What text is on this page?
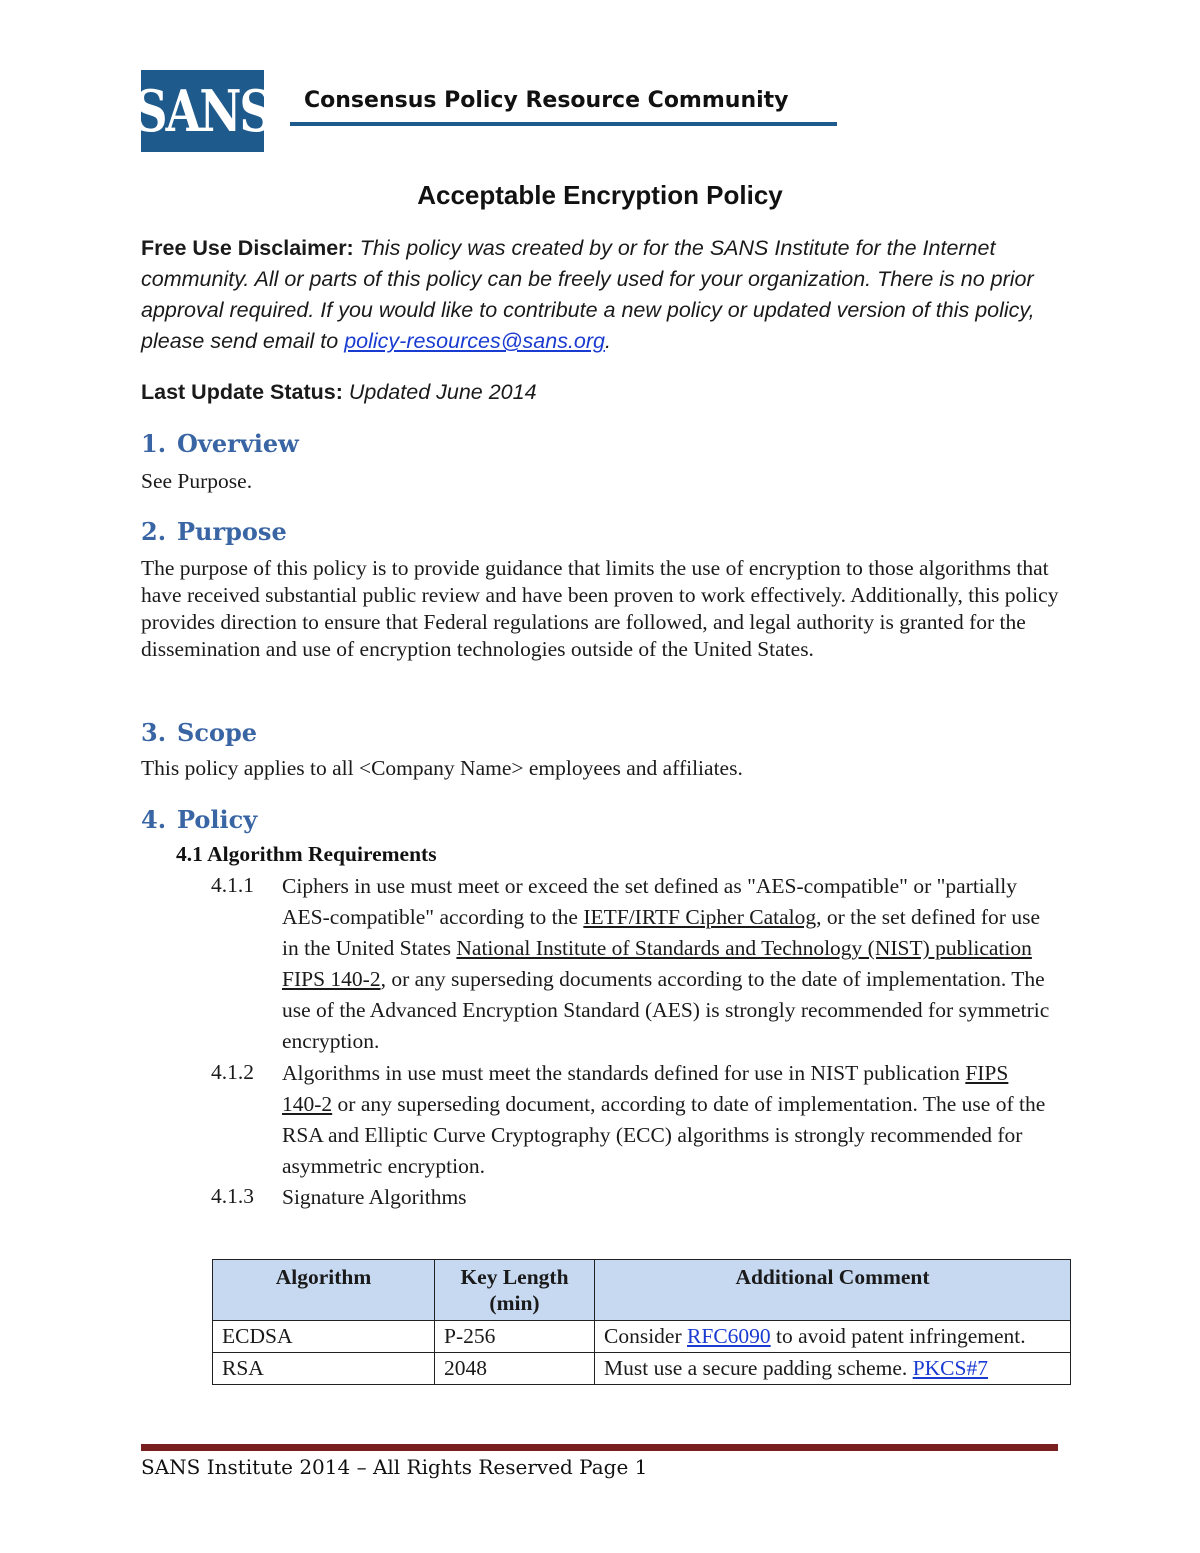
SANS Consensus Policy Resource Community
Acceptable Encryption Policy
Free Use Disclaimer: This policy was created by or for the SANS Institute for the Internet community. All or parts of this policy can be freely used for your organization. There is no prior approval required. If you would like to contribute a new policy or updated version of this policy, please send email to policy-resources@sans.org.
Last Update Status: Updated June 2014
1. Overview
See Purpose.
2. Purpose
The purpose of this policy is to provide guidance that limits the use of encryption to those algorithms that have received substantial public review and have been proven to work effectively. Additionally, this policy provides direction to ensure that Federal regulations are followed, and legal authority is granted for the dissemination and use of encryption technologies outside of the United States.
3. Scope
This policy applies to all <Company Name> employees and affiliates.
4. Policy
4.1 Algorithm Requirements
4.1.1 Ciphers in use must meet or exceed the set defined as "AES-compatible" or "partially AES-compatible" according to the IETF/IRTF Cipher Catalog, or the set defined for use in the United States National Institute of Standards and Technology (NIST) publication FIPS 140-2, or any superseding documents according to the date of implementation. The use of the Advanced Encryption Standard (AES) is strongly recommended for symmetric encryption.
4.1.2 Algorithms in use must meet the standards defined for use in NIST publication FIPS 140-2 or any superseding document, according to date of implementation. The use of the RSA and Elliptic Curve Cryptography (ECC) algorithms is strongly recommended for asymmetric encryption.
4.1.3 Signature Algorithms
Algorithm	Key Length (min)	Additional Comment
ECDSA	P-256	Consider RFC6090 to avoid patent infringement.
RSA	2048	Must use a secure padding scheme. PKCS#7
SANS Institute 2014 – All Rights Reserved Page 1
